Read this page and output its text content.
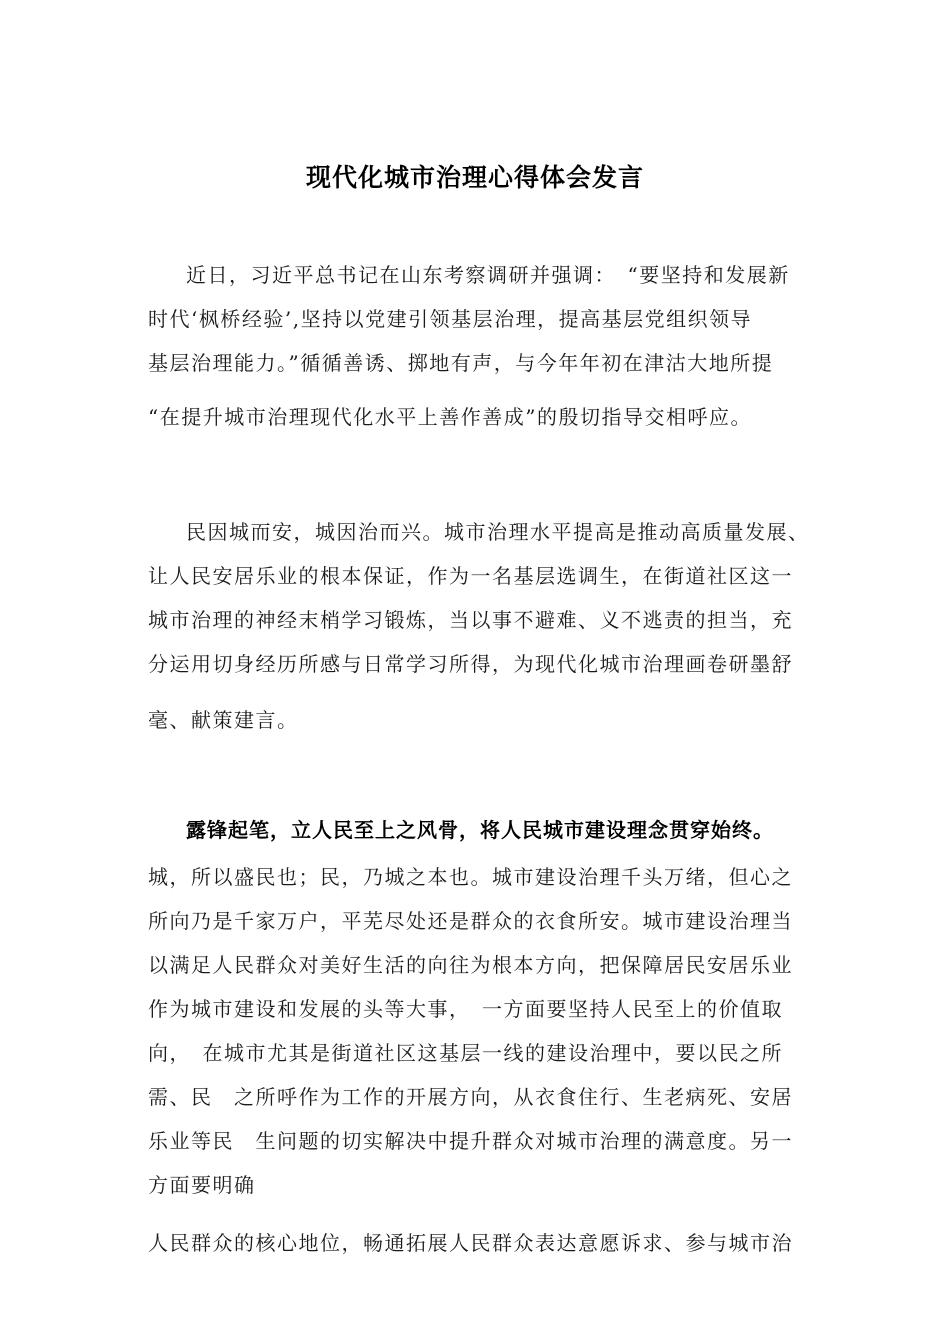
现代化城市治理心得体会发言

近日，习近平总书记在山东考察调研并强调：　“要坚持和发展新

时代‘枫桥经验’,坚持以党建引领基层治理，提高基层党组织领导

基层治理能力。”循循善诱、掷地有声，与今年年初在津沽大地所提

“在提升城市治理现代化水平上善作善成”的殷切指导交相呼应。

民因城而安，城因治而兴。城市治理水平提高是推动高质量发展、

让人民安居乐业的根本保证，作为一名基层选调生，在街道社区这一

城市治理的神经末梢学习锻炼，当以事不避难、义不逃责的担当，充

分运用切身经历所感与日常学习所得，为现代化城市治理画卷研墨舒

毫、献策建言。

露锋起笔，立人民至上之风骨，将人民城市建设理念贯穿始终。

城，所以盛民也；民，乃城之本也。城市建设治理千头万绪，但心之

所向乃是千家万户，平芜尽处还是群众的衣食所安。城市建设治理当

以满足人民群众对美好生活的向往为根本方向，把保障居民安居乐业

作为城市建设和发展的头等大事，　一方面要坚持人民至上的价值取

向，　在城市尤其是街道社区这基层一线的建设治理中，要以民之所

需、民　之所呼作为工作的开展方向，从衣食住行、生老病死、安居

乐业等民　生问题的切实解决中提升群众对城市治理的满意度。另一

方面要明确

人民群众的核心地位，畅通拓展人民群众表达意愿诉求、参与城市治
